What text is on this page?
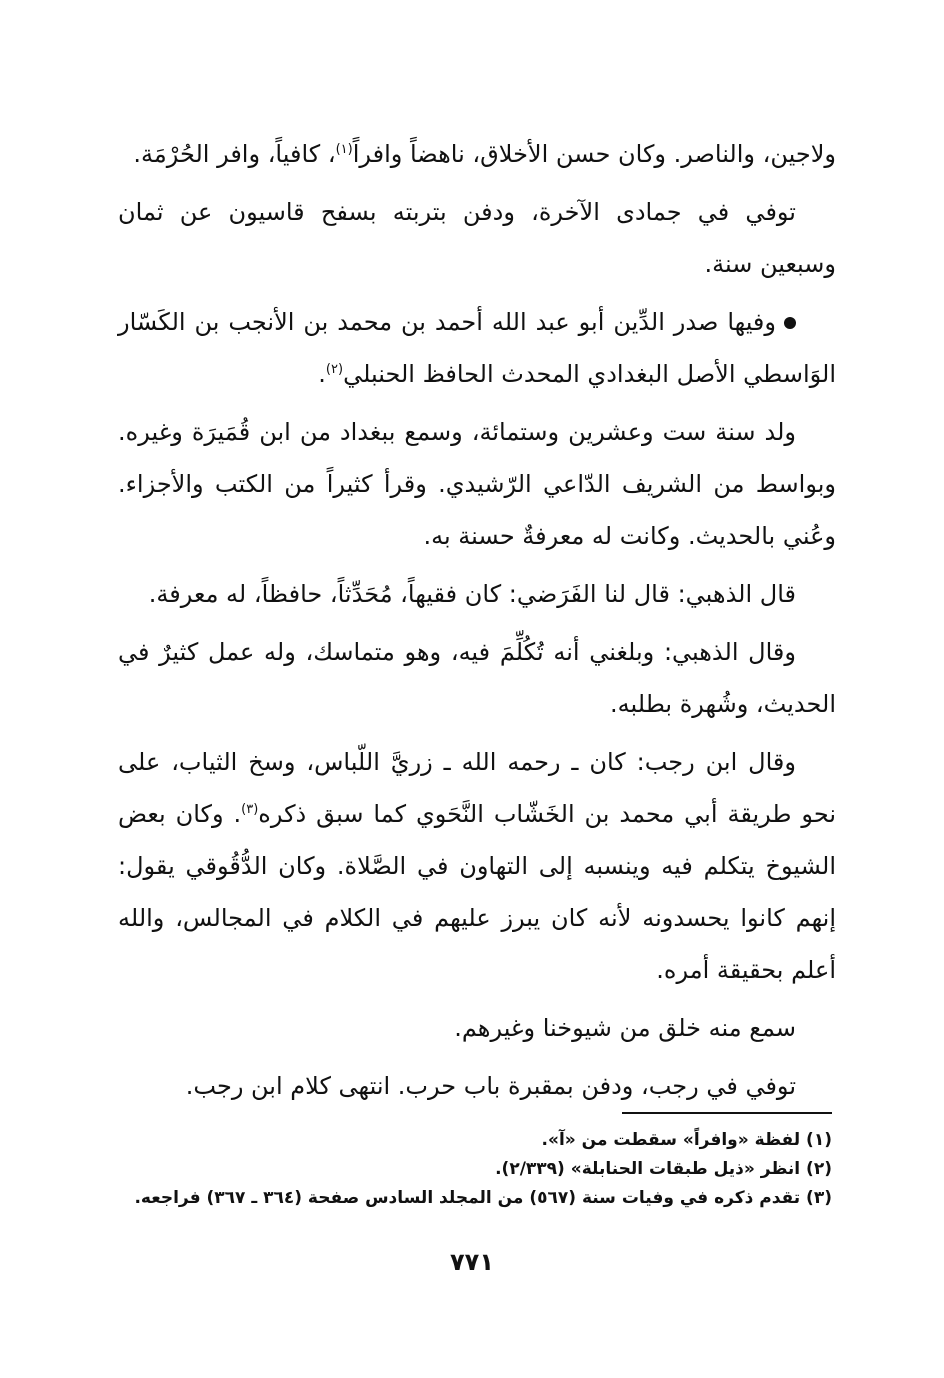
ولاجين، والناصر. وكان حسن الأخلاق، ناهضاً وافراً$^{(١)}$، كافياً، وافر الحُرْمَة.

توفي في جمادى الآخرة، ودفن بتربته بسفح قاسيون عن ثمان وسبعين سنة.

وفيها صدر الدِّين أبو عبد الله أحمد بن محمد بن الأنجب بن الكَسّار الوَاسطي الأصل البغدادي المحدث الحافظ الحنبلي$^{(٢)}$.

ولد سنة ست وعشرين وستمائة، وسمع ببغداد من ابن قُمَيرَة وغيره. وبواسط من الشريف الدّاعي الرّشيدي. وقرأ كثيراً من الكتب والأجزاء. وعُني بالحديث. وكانت له معرفةٌ حسنة به.

قال الذهبي: قال لنا الفَرَضي: كان فقيهاً، مُحَدِّثاً، حافظاً، له معرفة.

وقال الذهبي: وبلغني أنه تُكُلِّمَ فيه، وهو متماسك، وله عمل كثيرٌ في الحديث، وشُهرة بطلبه.

وقال ابن رجب: كان ـ رحمه الله ـ زريَّ اللّباس، وسخ الثياب، على نحو طريقة أبي محمد بن الخَشّاب النَّحَوي كما سبق ذكره$^{(٣)}$. وكان بعض الشيوخ يتكلم فيه وينسبه إلى التهاون في الصَّلاة. وكان الدُّقُوقي يقول: إنهم كانوا يحسدونه لأنه كان يبرز عليهم في الكلام في المجالس، والله أعلم بحقيقة أمره.

سمع منه خلق من شيوخنا وغيرهم.

توفي في رجب، ودفن بمقبرة باب حرب. انتهى كلام ابن رجب.

(١) لفظة «وافراً» سقطت من «آ».

(٢) انظر «ذيل طبقات الحنابلة» (٢/٣٣٩).

(٣) تقدم ذكره في وفيات سنة (٥٦٧) من المجلد السادس صفحة (٣٦٤ ـ ٣٦٧) فراجعه.

٧٧١
